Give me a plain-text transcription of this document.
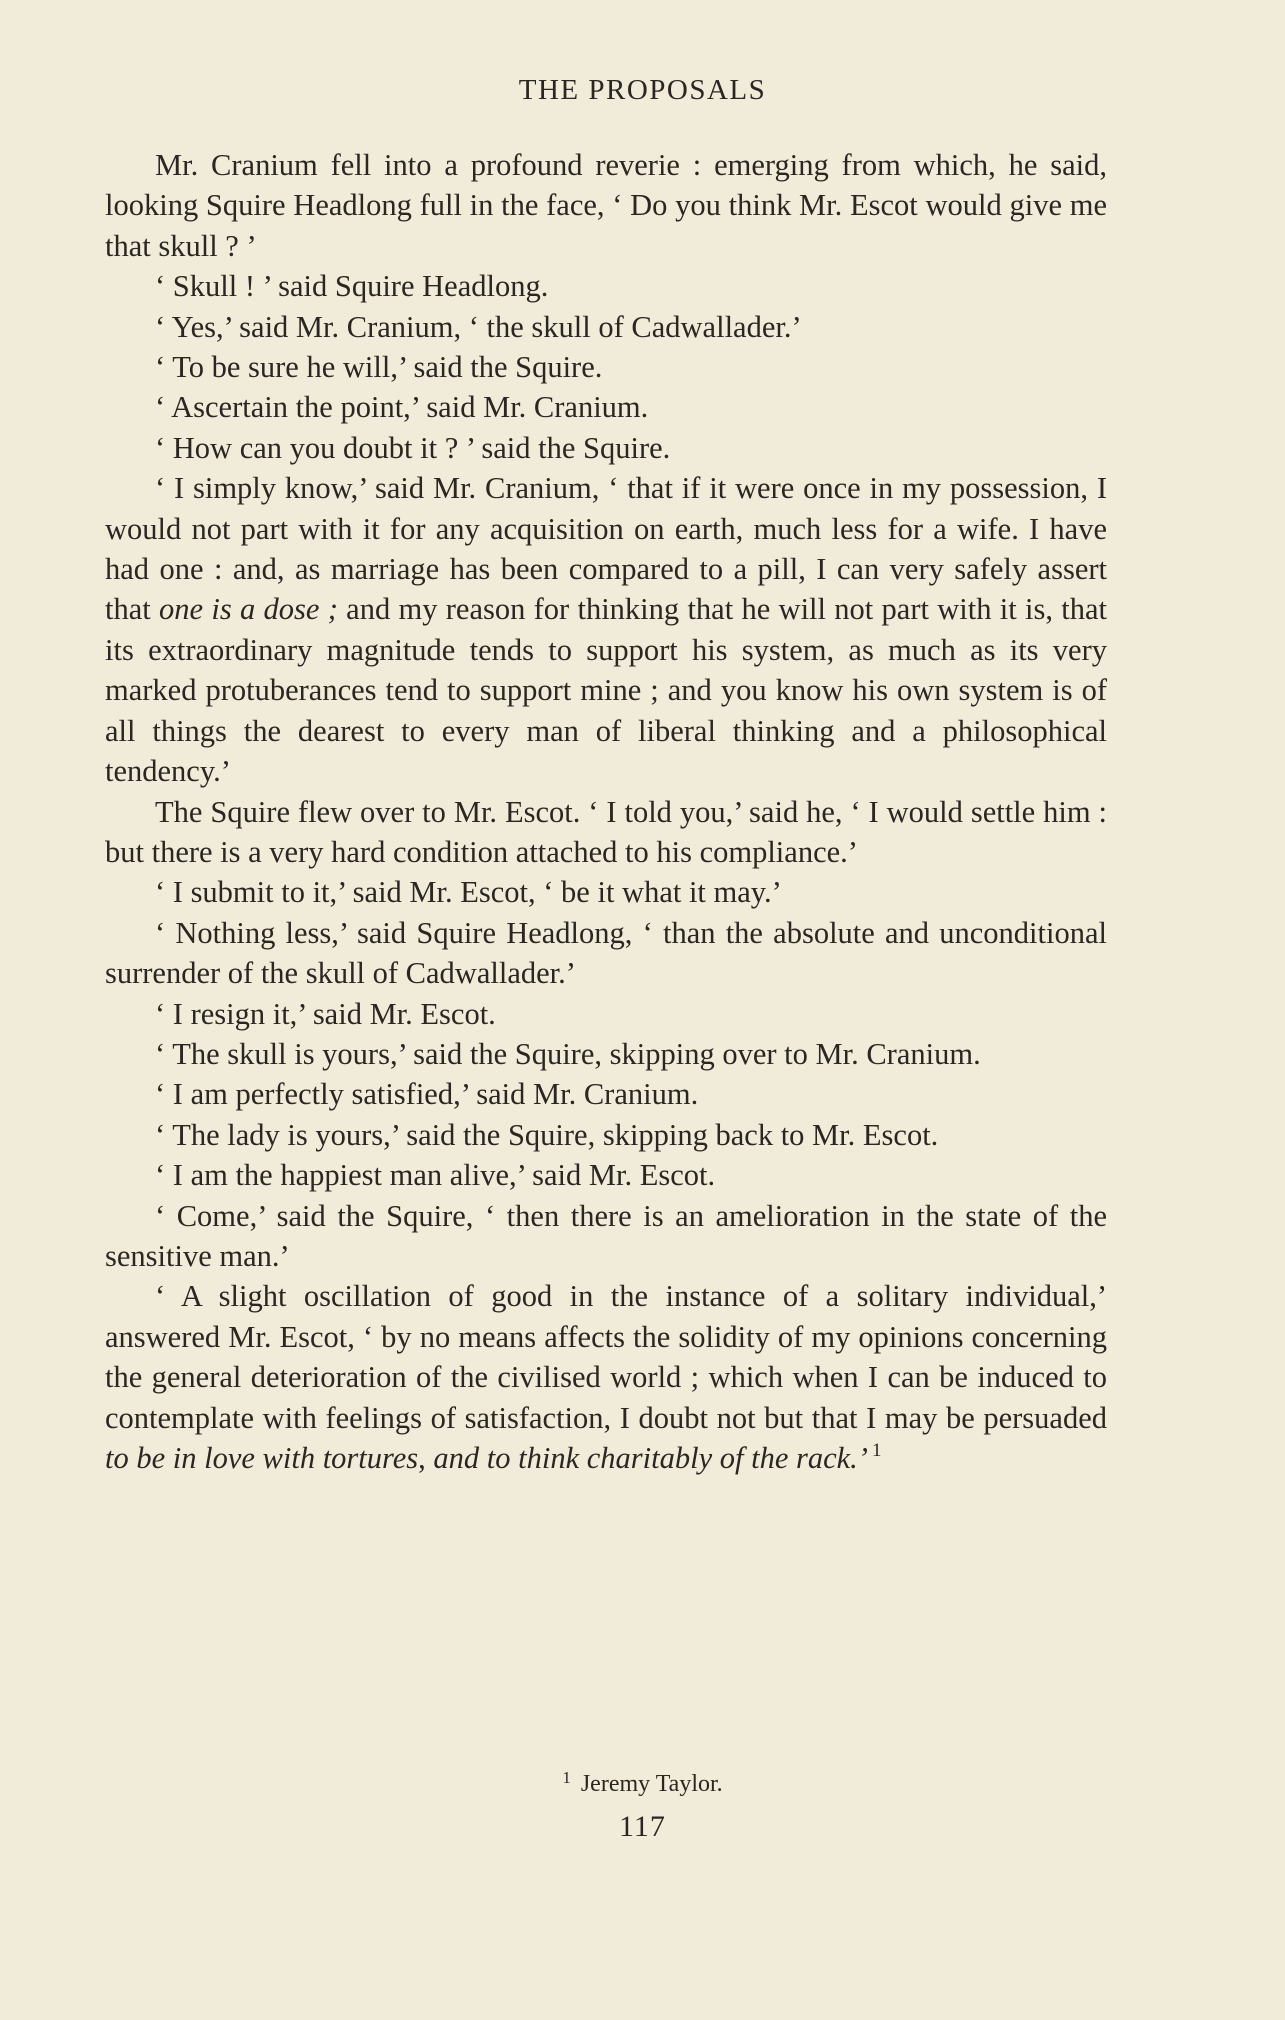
THE PROPOSALS

Mr. Cranium fell into a profound reverie : emerging from which, he said, looking Squire Headlong full in the face, ‘ Do you think Mr. Escot would give me that skull ? ’

‘ Skull ! ’ said Squire Headlong.

‘ Yes,’ said Mr. Cranium, ‘ the skull of Cadwallader.’

‘ To be sure he will,’ said the Squire.

‘ Ascertain the point,’ said Mr. Cranium.

‘ How can you doubt it ? ’ said the Squire.

‘ I simply know,’ said Mr. Cranium, ‘ that if it were once in my possession, I would not part with it for any acquisition on earth, much less for a wife. I have had one : and, as marriage has been compared to a pill, I can very safely assert that one is a dose ; and my reason for thinking that he will not part with it is, that its extraordinary magnitude tends to support his system, as much as its very marked protuberances tend to support mine ; and you know his own system is of all things the dearest to every man of liberal thinking and a philosophical tendency.’

The Squire flew over to Mr. Escot. ‘ I told you,’ said he, ‘ I would settle him : but there is a very hard condition attached to his compliance.’

‘ I submit to it,’ said Mr. Escot, ‘ be it what it may.’

‘ Nothing less,’ said Squire Headlong, ‘ than the absolute and unconditional surrender of the skull of Cadwallader.’

‘ I resign it,’ said Mr. Escot.

‘ The skull is yours,’ said the Squire, skipping over to Mr. Cranium.

‘ I am perfectly satisfied,’ said Mr. Cranium.

‘ The lady is yours,’ said the Squire, skipping back to Mr. Escot.

‘ I am the happiest man alive,’ said Mr. Escot.

‘ Come,’ said the Squire, ‘ then there is an amelioration in the state of the sensitive man.’

‘ A slight oscillation of good in the instance of a solitary individual,’ answered Mr. Escot, ‘ by no means affects the solidity of my opinions concerning the general deterioration of the civilised world ; which when I can be induced to contemplate with feelings of satisfaction, I doubt not but that I may be persuaded to be in love with tortures, and to think charitably of the rack.’ $^1$

$^1$ Jeremy Taylor.
117
